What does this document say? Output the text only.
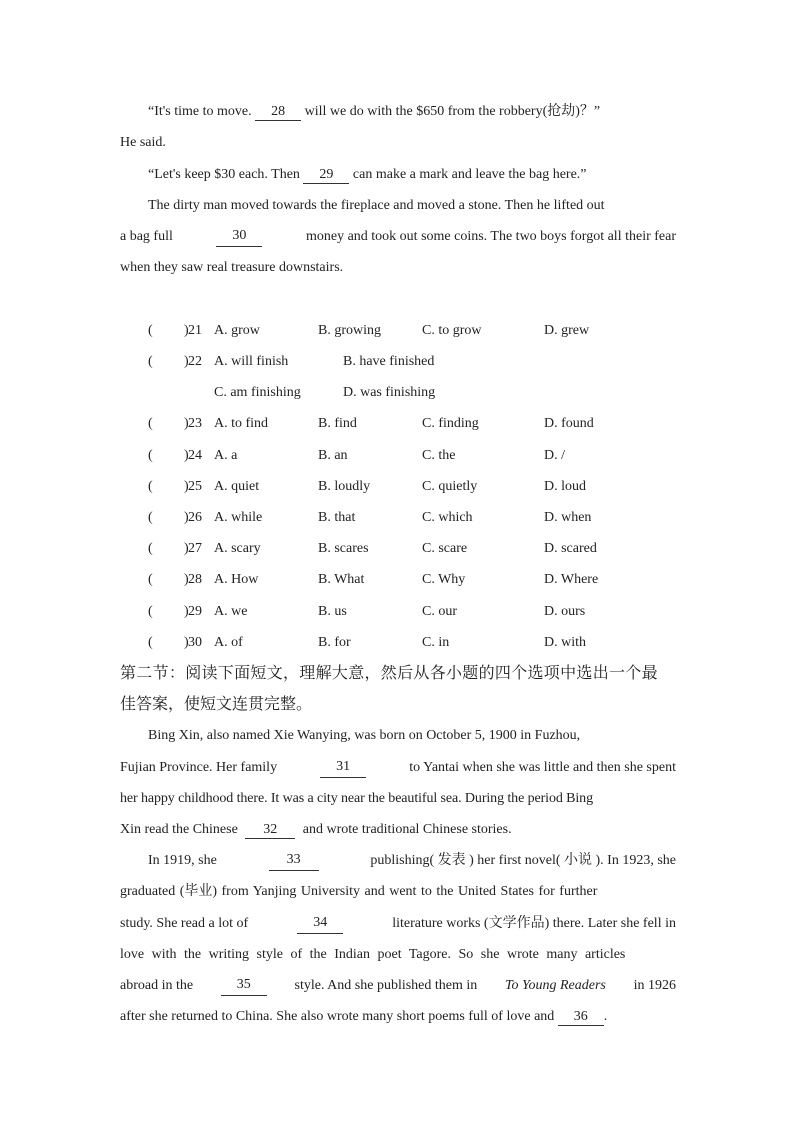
“It's time to move. 28 will we do with the $650 from the robbery(抢劫)？”
He said.
“Let's keep $30 each. Then 29 can make a mark and leave the bag here.”
The dirty man moved towards the fireplace and moved a stone. Then he lifted out
a bag full	30	money and took out some coins. The two boys forgot all their fear
when they saw real treasure downstairs.
( ) 21 A. grow	B. growing	C. to grow	D. grew
( ) 22 A. will finish	B. have finished
C. am finishing	D. was finishing
( ) 23 A. to find	B. find	C. finding	D. found
( ) 24 A. a	B. an	C. the	D. /
( ) 25 A. quiet	B. loudly	C. quietly	D. loud
( ) 26 A. while	B. that	C. which	D. when
( ) 27 A. scary	B. scares	C. scare	D. scared
( ) 28 A. How	B. What	C. Why	D. Where
( ) 29 A. we	B. us	C. our	D. ours
( ) 30 A. of	B. for	C. in	D. with
第二节：阅读下面短文，理解大意，然后从各小题的四个选项中选出一个最
佳答案，使短文连贯完整。
Bing Xin, also named Xie Wanying, was born on October 5, 1900 in Fuzhou,
Fujian Province. Her family	31	to Yantai when she was little and then she spent
her happy childhood there. It was a city near the beautiful sea. During the period Bing
Xin read the Chinese 32 and wrote traditional Chinese stories.
In 1919, she	33	publishing( 发表 ) her first novel( 小说 ). In 1923, she
graduated (毕业) from Yanjing University and went to the United States for further
study. She read a lot of	34	literature works (文学作品) there. Later she fell in
love with the writing style of the Indian poet Tagore. So she wrote many articles
abroad in the	35	style. And she published them in To Young Readers in 1926
after she returned to China. She also wrote many short poems full of love and 36 .
